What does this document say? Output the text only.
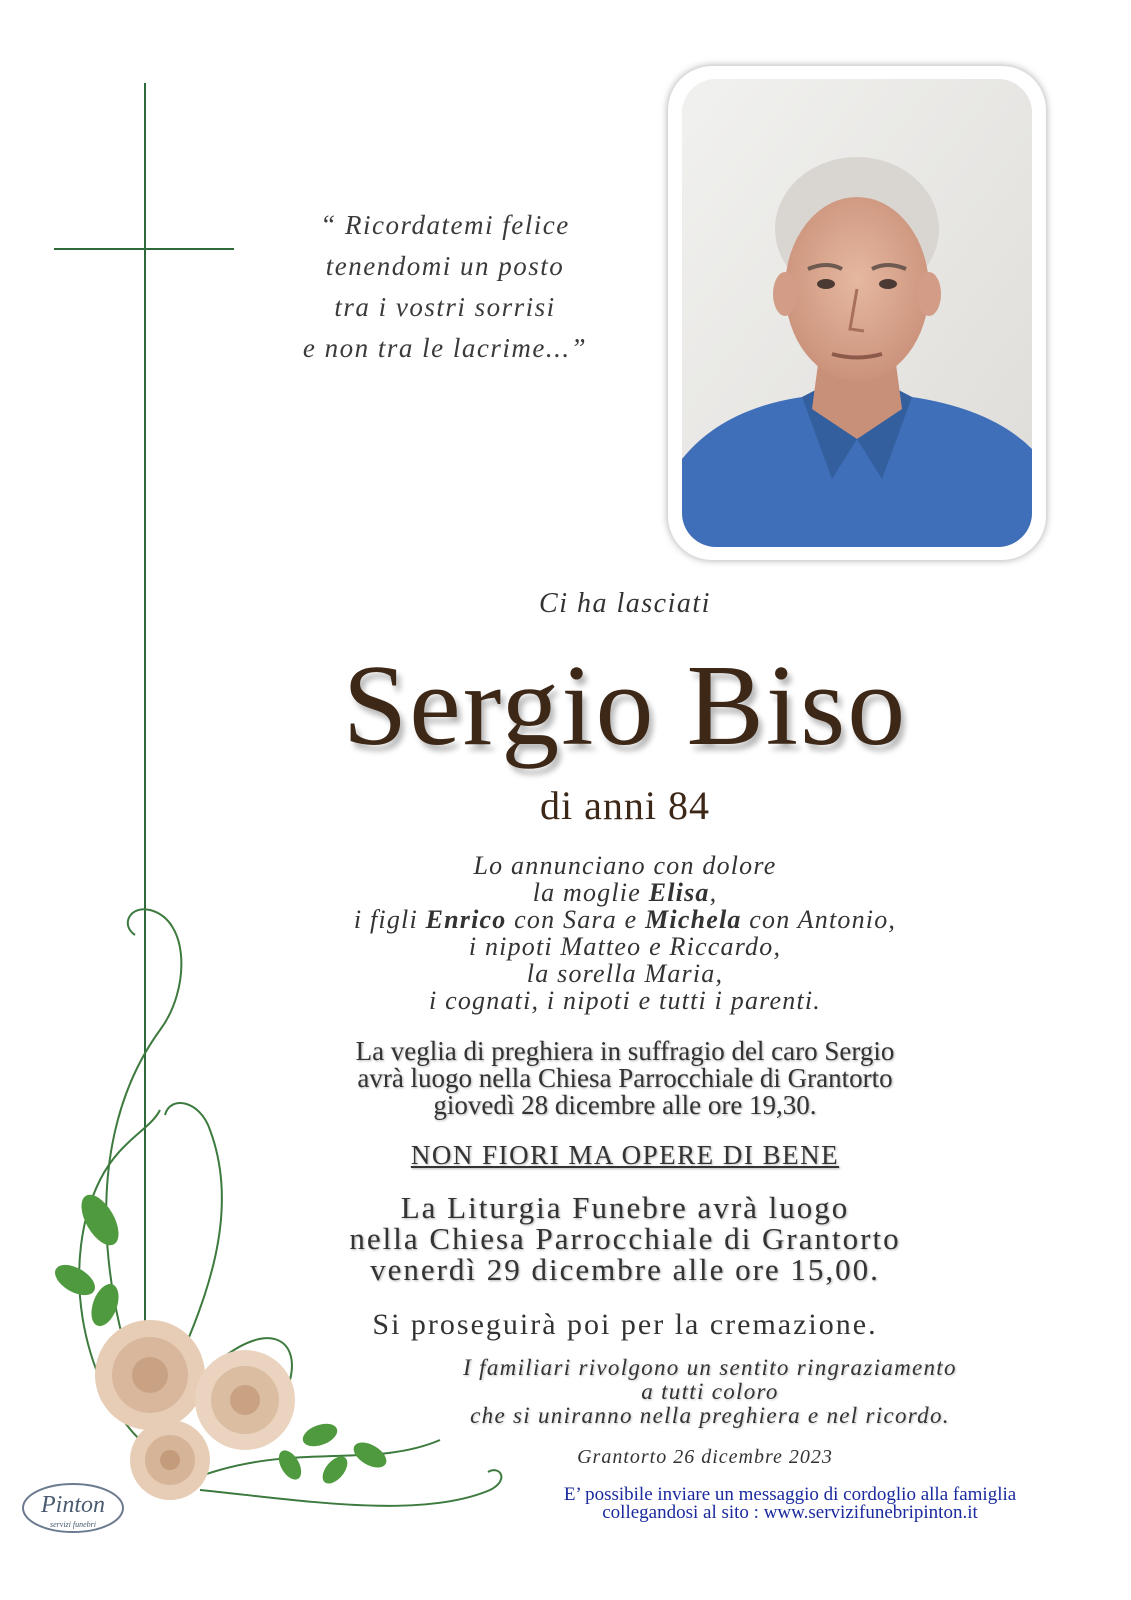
“ Ricordatemi felice
tenendomi un posto
tra i vostri sorrisi
e non tra le lacrime...”
Ci ha lasciati
Sergio Biso
di anni 84
Lo annunciano con dolore
la moglie Elisa,
i figli Enrico con Sara e Michela con Antonio,
i nipoti Matteo e Riccardo,
la sorella Maria,
i cognati, i nipoti e tutti i parenti.
La veglia di preghiera in suffragio del caro Sergio
avrà luogo nella Chiesa Parrocchiale di Grantorto
giovedì 28 dicembre alle ore 19,30.
NON FIORI MA OPERE DI BENE
La Liturgia Funebre avrà luogo
nella Chiesa Parrocchiale di Grantorto
venerdì 29 dicembre alle ore 15,00.
Si proseguirà poi per la cremazione.
I familiari rivolgono un sentito ringraziamento
a tutti coloro
che si uniranno nella preghiera e nel ricordo.
Grantorto 26 dicembre 2023
E’ possibile inviare un messaggio di cordoglio alla famiglia
collegandosi al sito : www.servizifunebripinton.it
Pinton
servizi funebri
